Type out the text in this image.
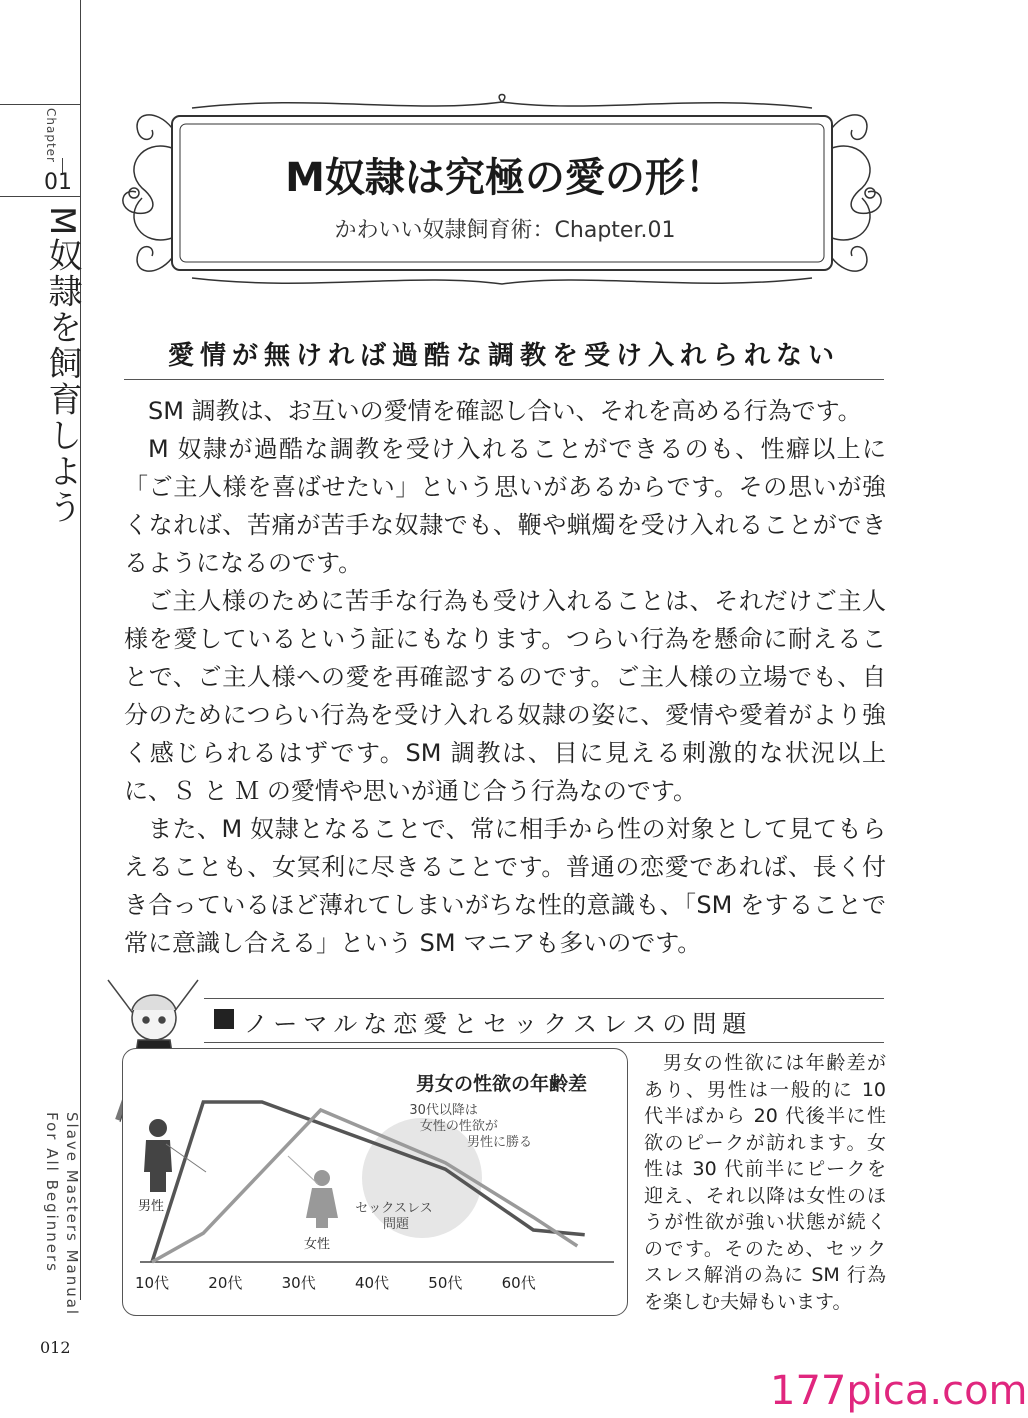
Chapter
01
M奴隷を飼育しよう
Slave Masters Manual
For All Beginners
012
M奴隷は究極の愛の形！
かわいい奴隷飼育術：Chapter.01
愛情が無ければ過酷な調教を受け入れられない

SM 調教は、お互いの愛情を確認し合い、それを高める行為です。

M 奴隷が過酷な調教を受け入れることができるのも、性癖以上に「ご主人様を喜ばせたい」という思いがあるからです。その思いが強くなれば、苦痛が苦手な奴隷でも、鞭や蝋燭を受け入れることができるようになるのです。

ご主人様のために苦手な行為も受け入れることは、それだけご主人様を愛しているという証にもなります。つらい行為を懸命に耐えることで、ご主人様への愛を再確認するのです。ご主人様の立場でも、自分のためにつらい行為を受け入れる奴隷の姿に、愛情や愛着がより強く感じられるはずです。SM 調教は、目に見える刺激的な状況以上に、Ｓ と Ｍ の愛情や思いが通じ合う行為なのです。

また、M 奴隷となることで、常に相手から性の対象として見てもらえることも、女冥利に尽きることです。普通の恋愛であれば、長く付き合っているほど薄れてしまいがちな性的意識も、「SM をすることで常に意識し合える」という SM マニアも多いのです。

ノーマルな恋愛とセックスレスの問題
男女の性欲の年齢差
男性
女性
30代以降は 女性の性欲が 男性に勝る
セックスレス 問題
10代	20代	30代	40代	50代	60代

男女の性欲には年齢差があり、男性は一般的に 10 代半ばから 20 代後半に性欲のピークが訪れます。女性は 30 代前半にピークを迎え、それ以降は女性のほうが性欲が強い状態が続くのです。そのため、セックスレス解消の為に SM 行為を楽しむ夫婦もいます。

177pica.com
